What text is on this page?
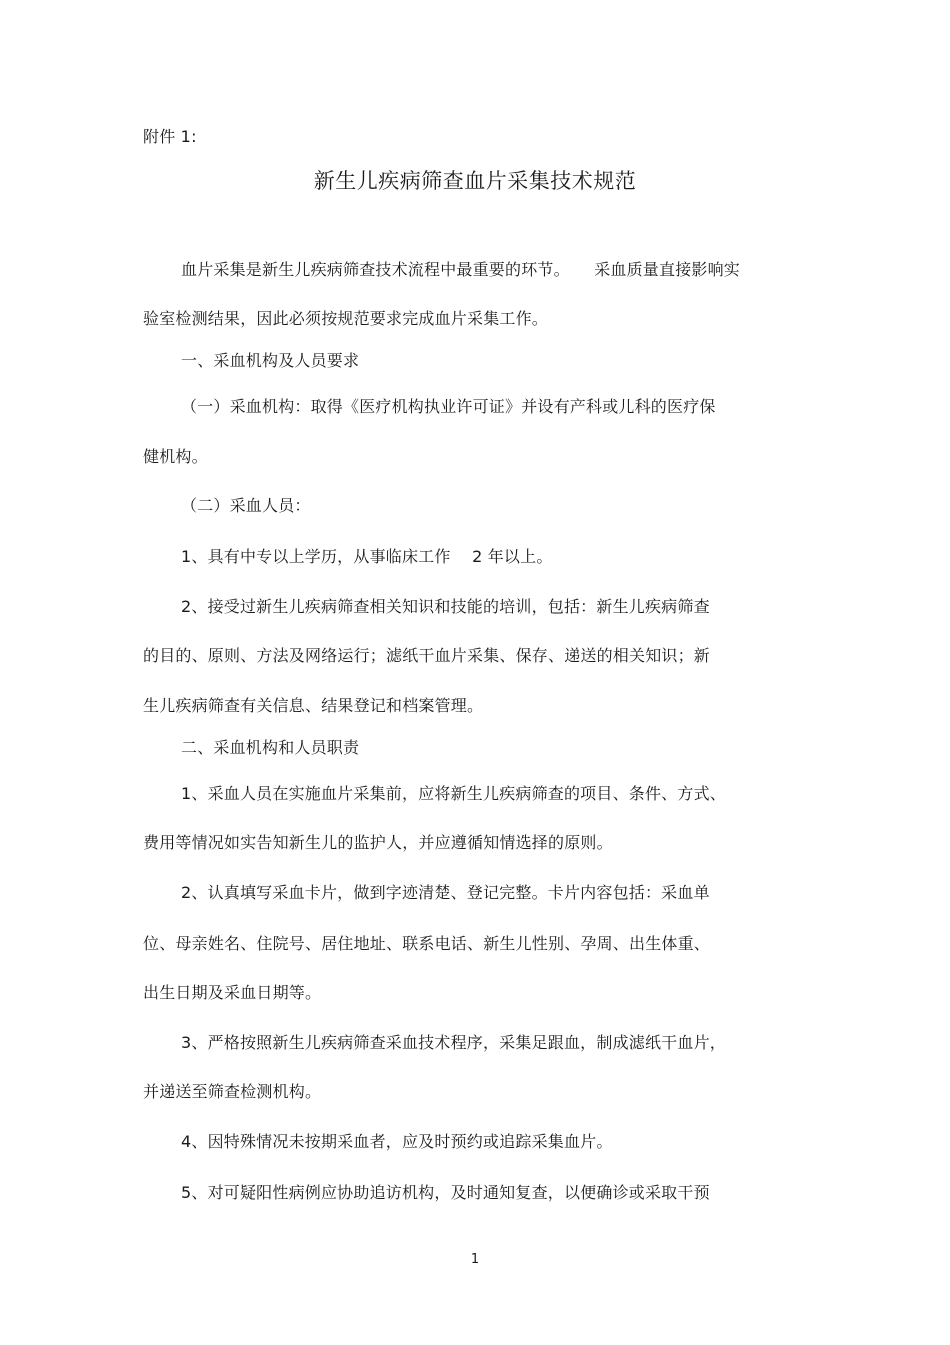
附件 1:
新生儿疾病筛查血片采集技术规范
血片采集是新生儿疾病筛查技术流程中最重要的环节。　　采血质量直接影响实
验室检测结果，因此必须按规范要求完成血片采集工作。
一、采血机构及人员要求
（一）采血机构：取得《医疗机构执业许可证》并设有产科或儿科的医疗保
健机构。
（二）采血人员：
1、具有中专以上学历，从事临床工作　 2 年以上。
2、接受过新生儿疾病筛查相关知识和技能的培训，包括：新生儿疾病筛查
的目的、原则、方法及网络运行；滤纸干血片采集、保存、递送的相关知识；新
生儿疾病筛查有关信息、结果登记和档案管理。
二、采血机构和人员职责
1、采血人员在实施血片采集前，应将新生儿疾病筛查的项目、条件、方式、
费用等情况如实告知新生儿的监护人，并应遵循知情选择的原则。
2、认真填写采血卡片，做到字迹清楚、登记完整。卡片内容包括：采血单
位、母亲姓名、住院号、居住地址、联系电话、新生儿性别、孕周、出生体重、
出生日期及采血日期等。
3、严格按照新生儿疾病筛查采血技术程序，采集足跟血，制成滤纸干血片，
并递送至筛查检测机构。
4、因特殊情况未按期采血者，应及时预约或追踪采集血片。
5、对可疑阳性病例应协助追访机构，及时通知复查，以便确诊或采取干预
1
